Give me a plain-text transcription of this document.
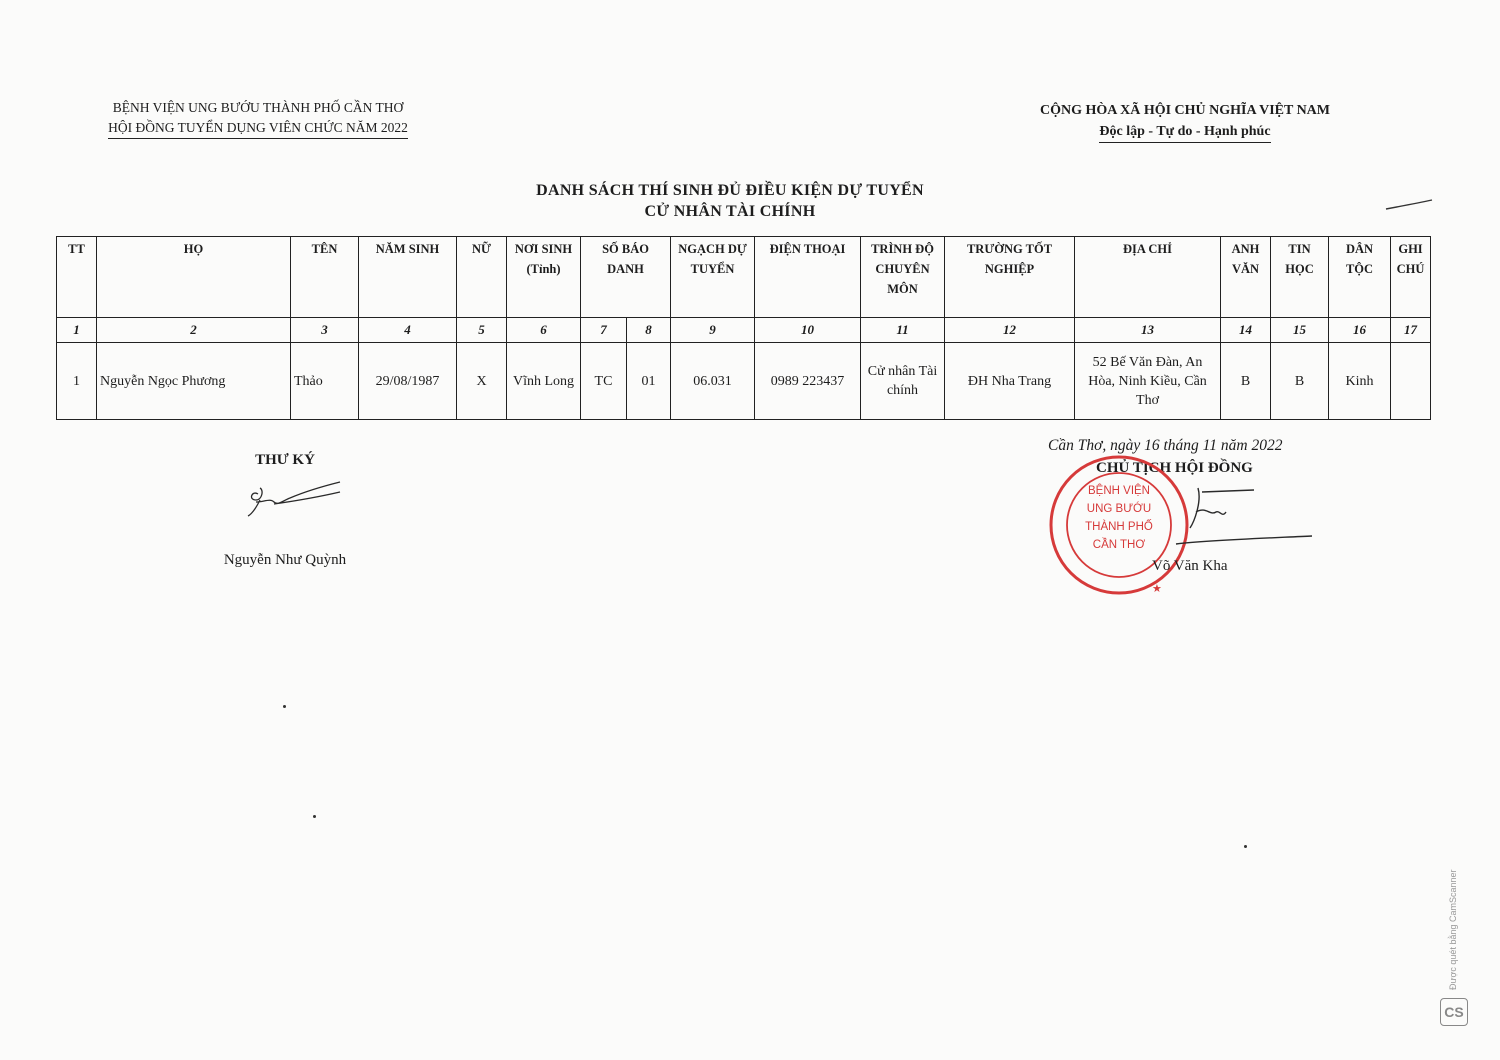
BỆNH VIỆN UNG BƯỚU THÀNH PHỐ CẦN THƠ
HỘI ĐỒNG TUYỂN DỤNG VIÊN CHỨC NĂM 2022
CỘNG HÒA XÃ HỘI CHỦ NGHĨA VIỆT NAM
Độc lập - Tự do - Hạnh phúc
DANH SÁCH THÍ SINH ĐỦ ĐIỀU KIỆN DỰ TUYỂN
CỬ NHÂN TÀI CHÍNH
TT	HỌ	TÊN	NĂM SINH	NỮ	NƠI SINH (Tỉnh)	SỐ BÁO DANH		NGẠCH DỰ TUYỂN	ĐIỆN THOẠI	TRÌNH ĐỘ CHUYÊN MÔN	TRƯỜNG TỐT NGHIỆP	ĐỊA CHỈ	ANH VĂN	TIN HỌC	DÂN TỘC	GHI CHÚ
1	2	3	4	5	6	7	8	9	10	11	12	13	14	15	16	17
1	Nguyễn Ngọc Phương	Thảo	29/08/1987	X	Vĩnh Long	TC	01	06.031	0989 223437	Cử nhân Tài chính	ĐH Nha Trang	52 Bế Văn Đàn, An Hòa, Ninh Kiều, Cần Thơ	B	B	Kinh	
THƯ KÝ
Nguyễn Như Quỳnh
Cần Thơ, ngày 16 tháng 11 năm 2022
CHỦ TỊCH HỘI ĐỒNG
★
BỆNH VIỆN
UNG BƯỚU
THÀNH PHỐ
CẦN THƠ
Võ Văn Kha
Được quét bằng CamScanner
CS
